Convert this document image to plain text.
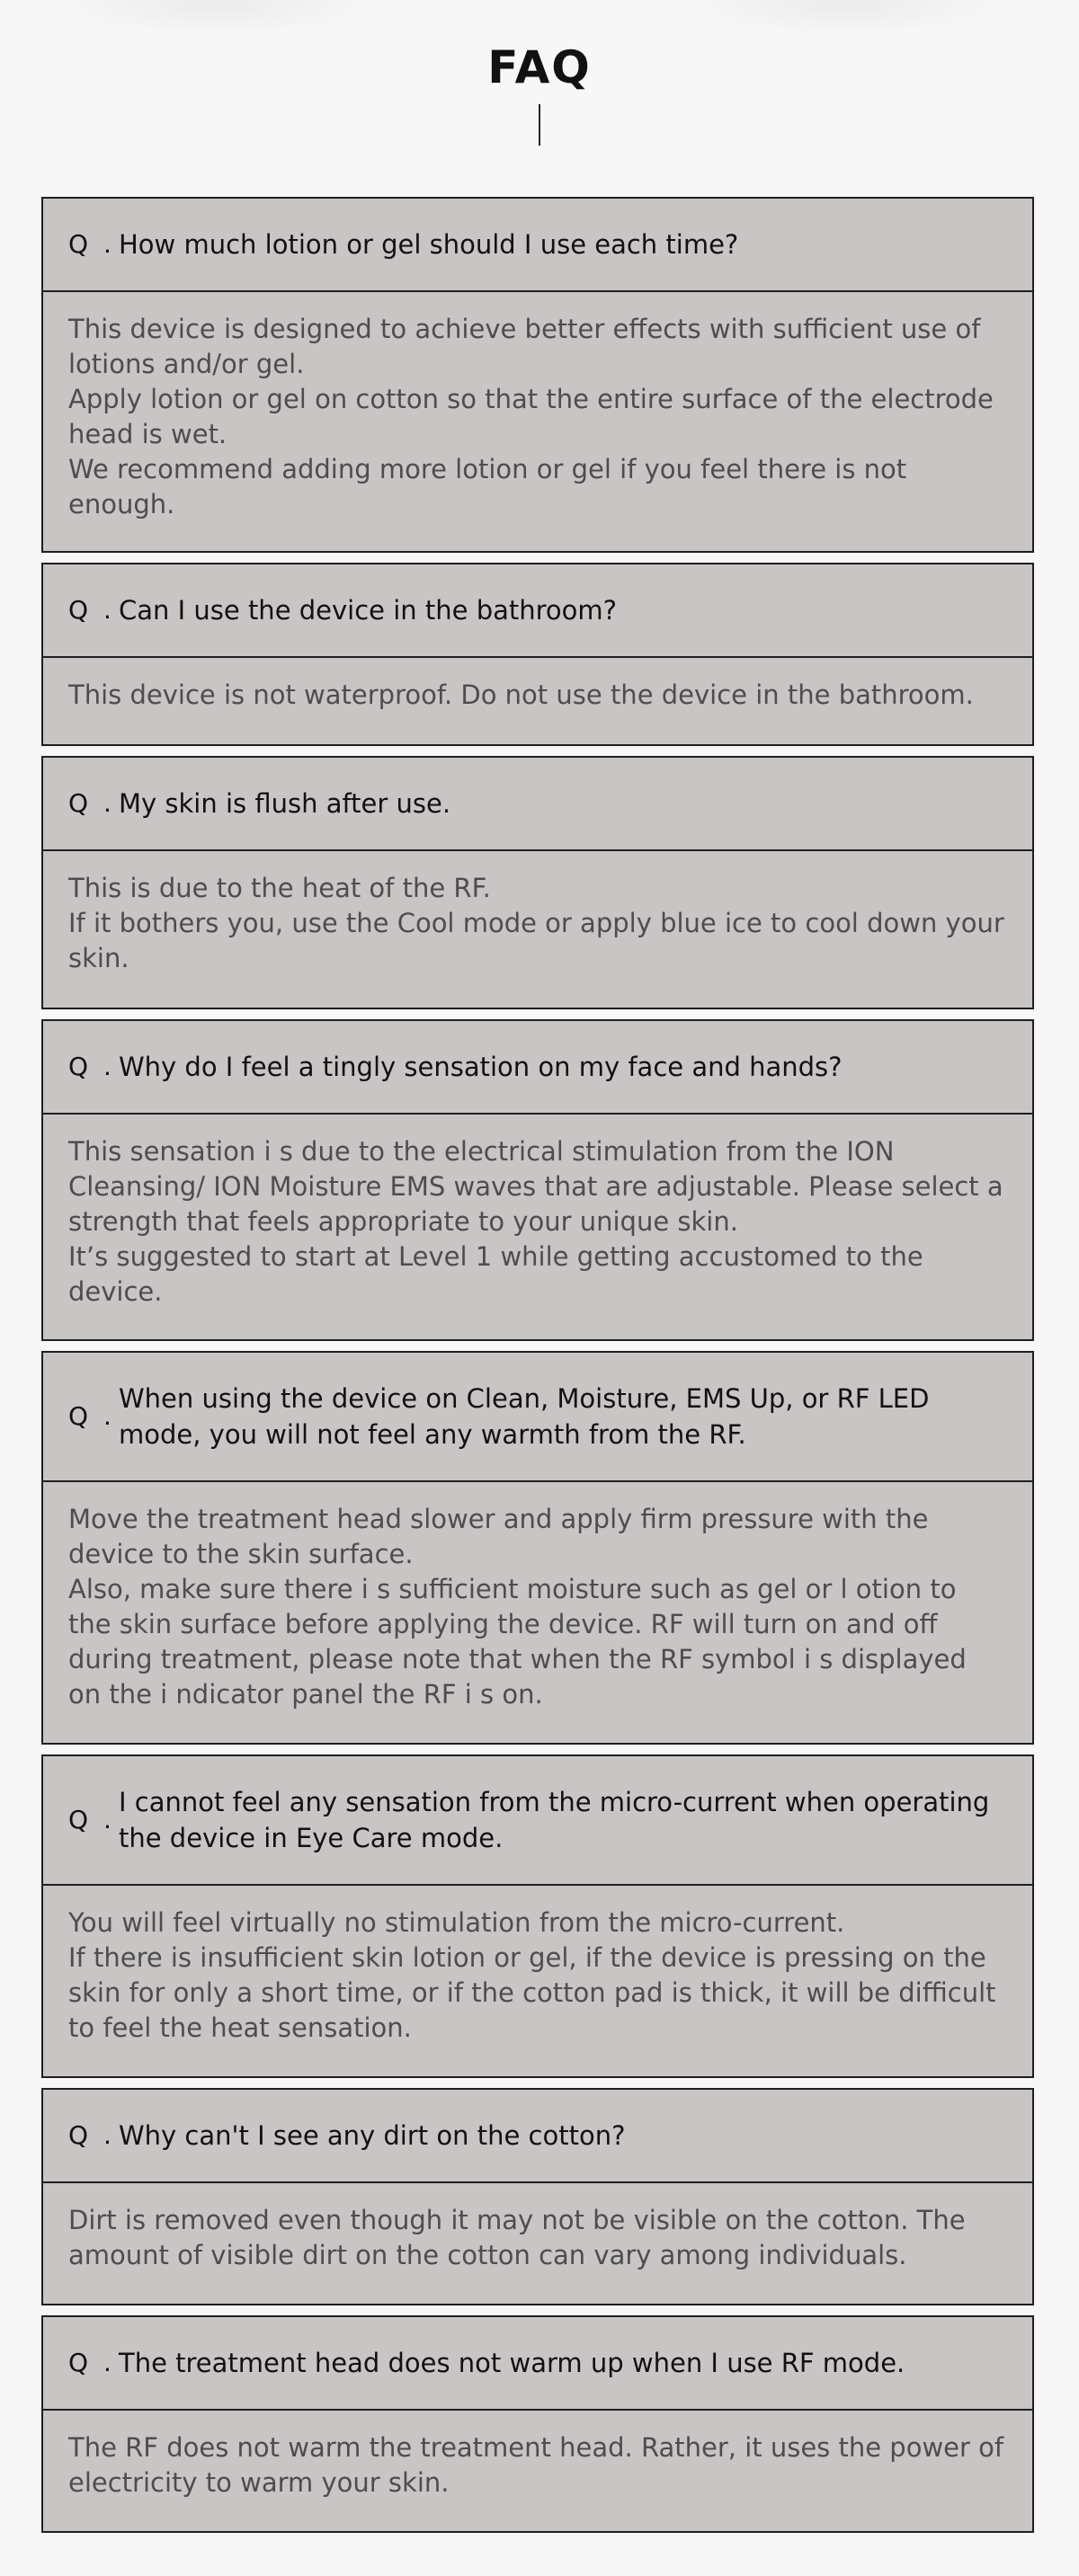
FAQ
Q . How much lotion or gel should I use each time?

This device is designed to achieve better effects with sufficient use of lotions and/or gel.

Apply lotion or gel on cotton so that the entire surface of the electrode head is wet.

We recommend adding more lotion or gel if you feel there is not enough.

Q . Can I use the device in the bathroom?

This device is not waterproof. Do not use the device in the bathroom.

Q . My skin is flush after use.

This is due to the heat of the RF.

If it bothers you, use the Cool mode or apply blue ice to cool down your skin.

Q . Why do I feel a tingly sensation on my face and hands?

This sensation i s due to the electrical stimulation from the ION Cleansing/ ION Moisture EMS waves that are adjustable. Please select a strength that feels appropriate to your unique skin.

It’s suggested to start at Level 1 while getting accustomed to the device.

Q .
When using the device on Clean, Moisture, EMS Up, or RF LED mode, you will not feel any warmth from the RF.

Move the treatment head slower and apply firm pressure with the device to the skin surface.

Also, make sure there i s sufficient moisture such as gel or l otion to the skin surface before applying the device. RF will turn on and off during treatment, please note that when the RF symbol i s displayed on the i ndicator panel the RF i s on.

Q .
I cannot feel any sensation from the micro-current when operating the device in Eye Care mode.

You will feel virtually no stimulation from the micro-current.

If there is insufficient skin lotion or gel, if the device is pressing on the skin for only a short time, or if the cotton pad is thick, it will be difficult to feel the heat sensation.

Q . Why can't I see any dirt on the cotton?

Dirt is removed even though it may not be visible on the cotton. The amount of visible dirt on the cotton can vary among individuals.

Q . The treatment head does not warm up when I use RF mode.

The RF does not warm the treatment head. Rather, it uses the power of electricity to warm your skin.
